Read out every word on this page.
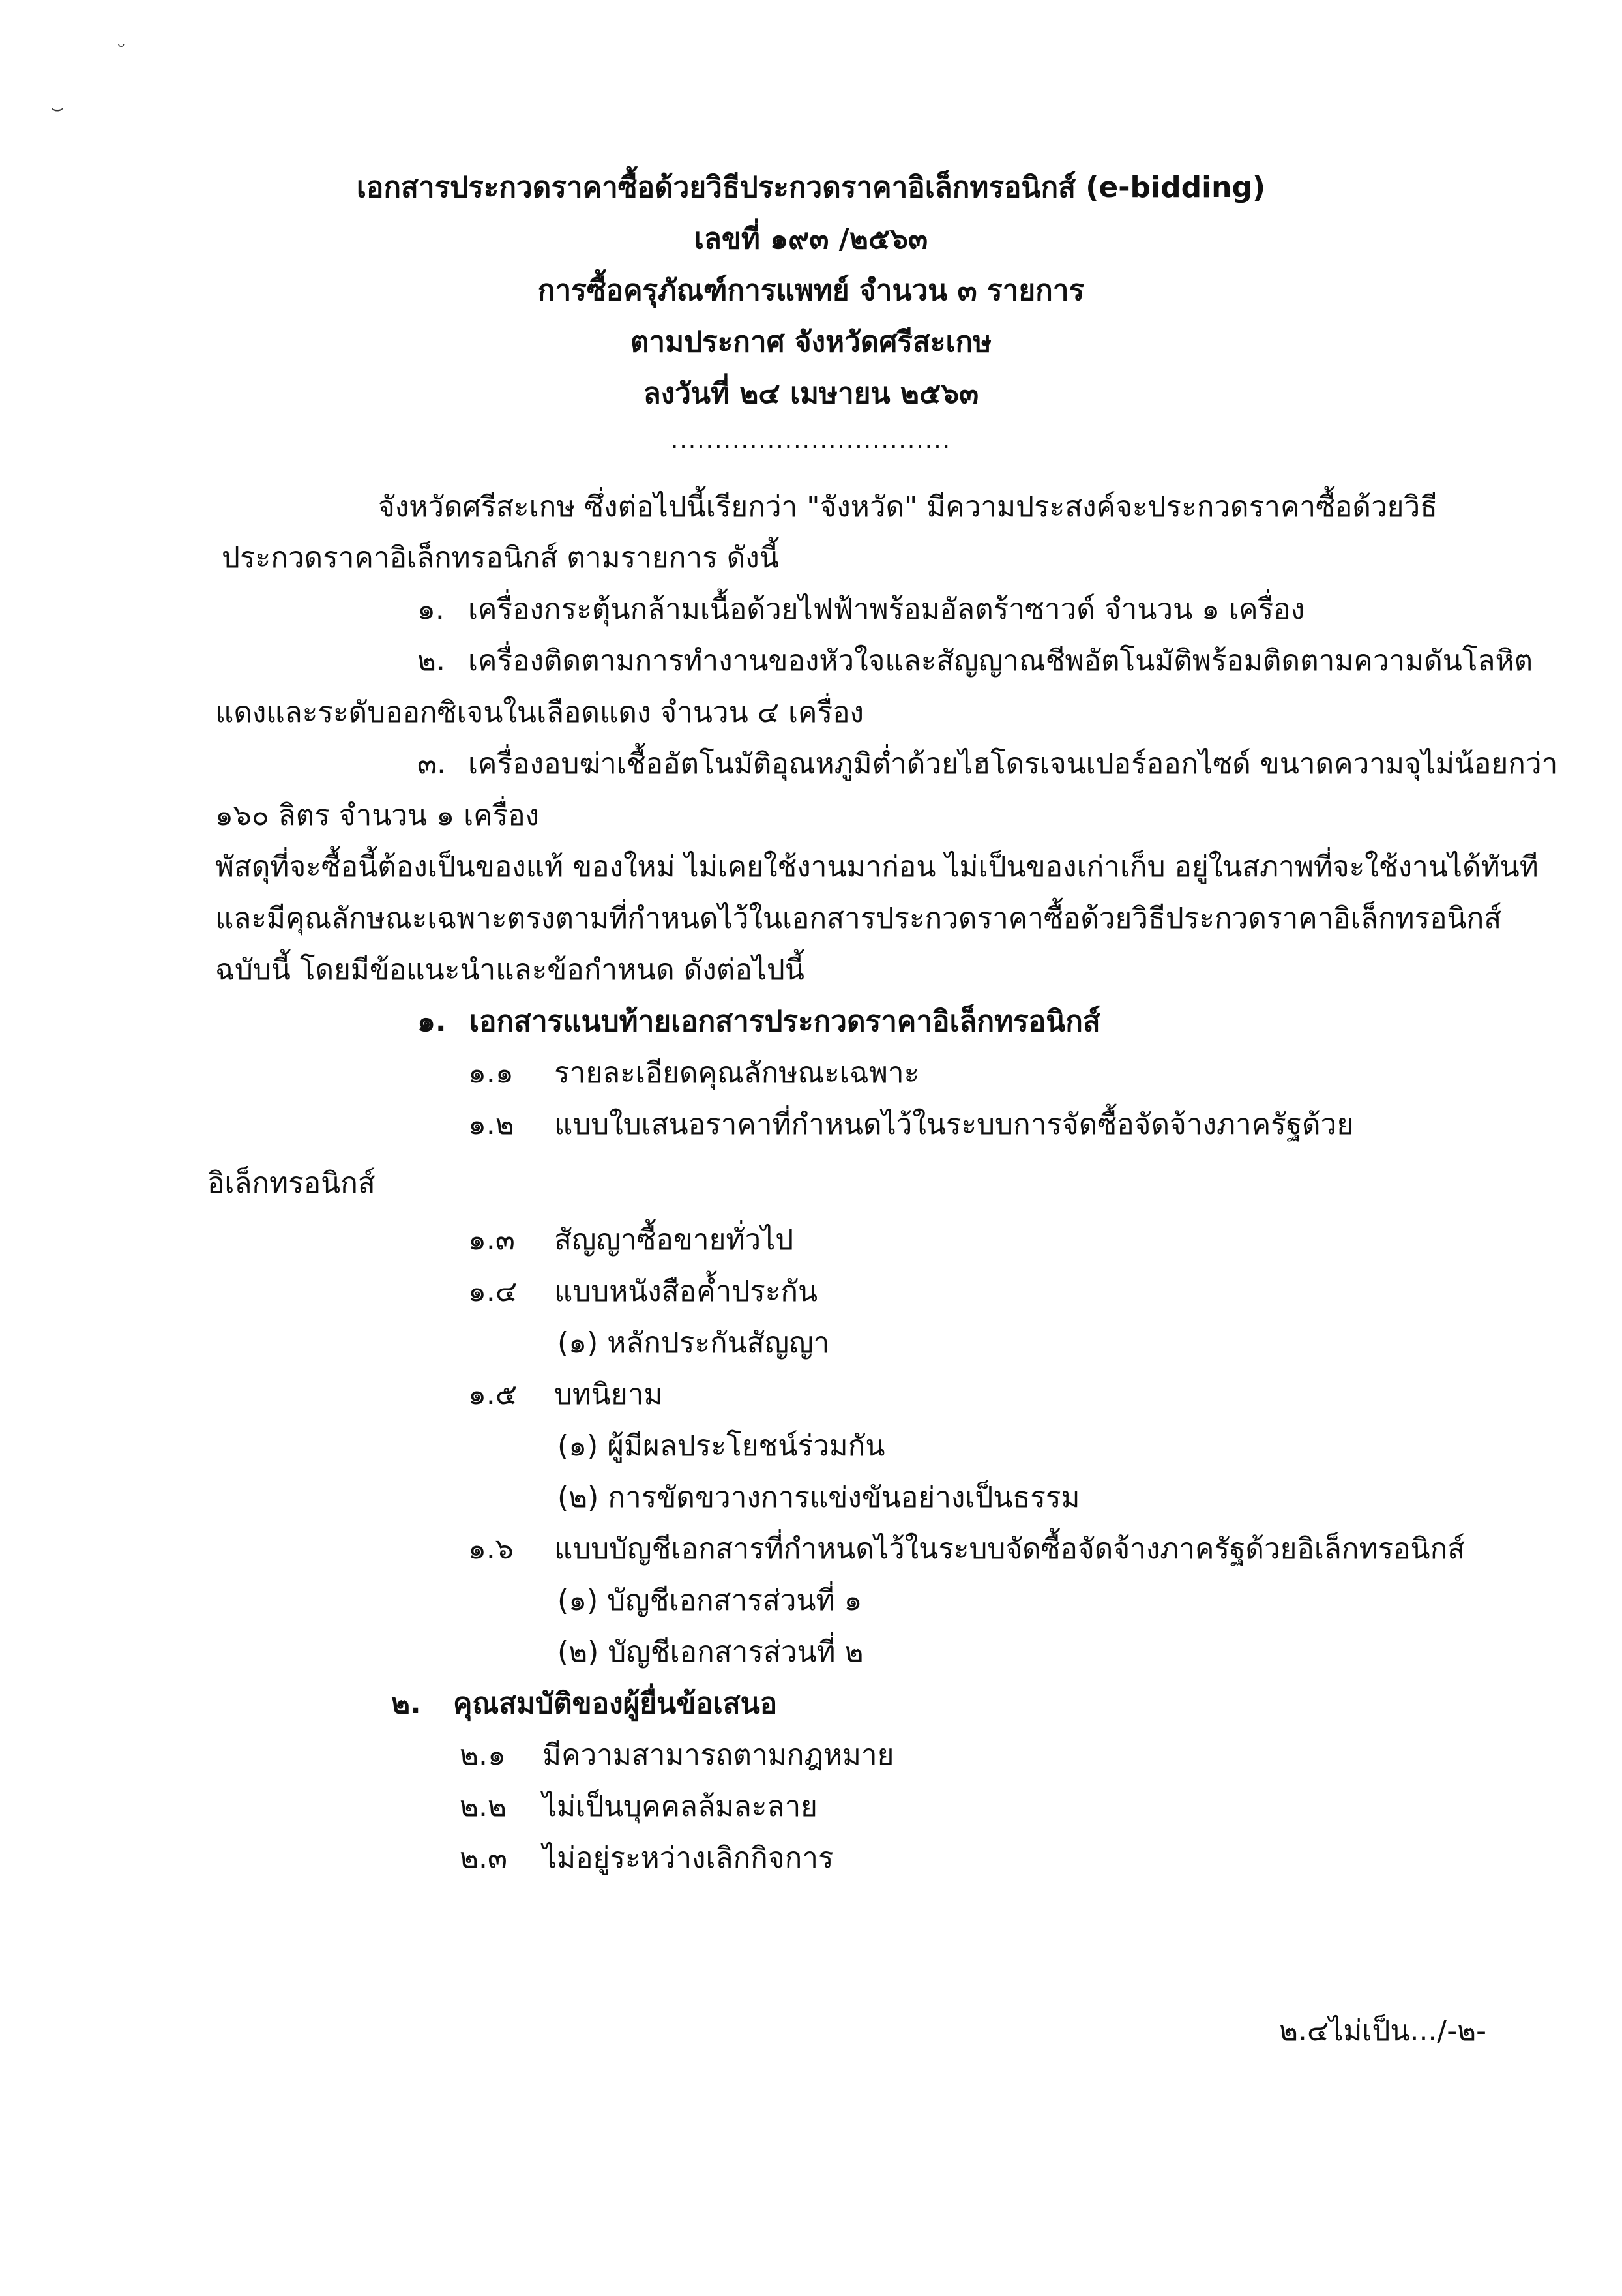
ᵕ
⌣
เอกสารประกวดราคาซื้อด้วยวิธีประกวดราคาอิเล็กทรอนิกส์ (e-bidding)
เลขที่ ๑๙๓ /๒๕๖๓
การซื้อครุภัณฑ์การแพทย์ จำนวน ๓ รายการ
ตามประกาศ จังหวัดศรีสะเกษ
ลงวันที่ ๒๔ เมษายน ๒๕๖๓
................................
จังหวัดศรีสะเกษ ซึ่งต่อไปนี้เรียกว่า "จังหวัด" มีความประสงค์จะประกวดราคาซื้อด้วยวิธี
ประกวดราคาอิเล็กทรอนิกส์ ตามรายการ ดังนี้
๑. เครื่องกระตุ้นกล้ามเนื้อด้วยไฟฟ้าพร้อมอัลตร้าซาวด์ จำนวน ๑ เครื่อง
๒. เครื่องติดตามการทำงานของหัวใจและสัญญาณชีพอัตโนมัติพร้อมติดตามความดันโลหิต
แดงและระดับออกซิเจนในเลือดแดง จำนวน ๔ เครื่อง
๓. เครื่องอบฆ่าเชื้ออัตโนมัติอุณหภูมิต่ำด้วยไฮโดรเจนเปอร์ออกไซด์ ขนาดความจุไม่น้อยกว่า
๑๖๐ ลิตร จำนวน ๑ เครื่อง
พัสดุที่จะซื้อนี้ต้องเป็นของแท้ ของใหม่ ไม่เคยใช้งานมาก่อน ไม่เป็นของเก่าเก็บ อยู่ในสภาพที่จะใช้งานได้ทันที
และมีคุณลักษณะเฉพาะตรงตามที่กำหนดไว้ในเอกสารประกวดราคาซื้อด้วยวิธีประกวดราคาอิเล็กทรอนิกส์
ฉบับนี้ โดยมีข้อแนะนำและข้อกำหนด ดังต่อไปนี้
๑. เอกสารแนบท้ายเอกสารประกวดราคาอิเล็กทรอนิกส์
๑.๑ รายละเอียดคุณลักษณะเฉพาะ
๑.๒ แบบใบเสนอราคาที่กำหนดไว้ในระบบการจัดซื้อจัดจ้างภาครัฐด้วย
อิเล็กทรอนิกส์
๑.๓ สัญญาซื้อขายทั่วไป
๑.๔ แบบหนังสือค้ำประกัน
(๑) หลักประกันสัญญา
๑.๕ บทนิยาม
(๑) ผู้มีผลประโยชน์ร่วมกัน
(๒) การขัดขวางการแข่งขันอย่างเป็นธรรม
๑.๖ แบบบัญชีเอกสารที่กำหนดไว้ในระบบจัดซื้อจัดจ้างภาครัฐด้วยอิเล็กทรอนิกส์
(๑) บัญชีเอกสารส่วนที่ ๑
(๒) บัญชีเอกสารส่วนที่ ๒
๒. คุณสมบัติของผู้ยื่นข้อเสนอ
๒.๑ มีความสามารถตามกฎหมาย
๒.๒ ไม่เป็นบุคคลล้มละลาย
๒.๓ ไม่อยู่ระหว่างเลิกกิจการ
๒.๔ไม่เป็น.../-๒-
